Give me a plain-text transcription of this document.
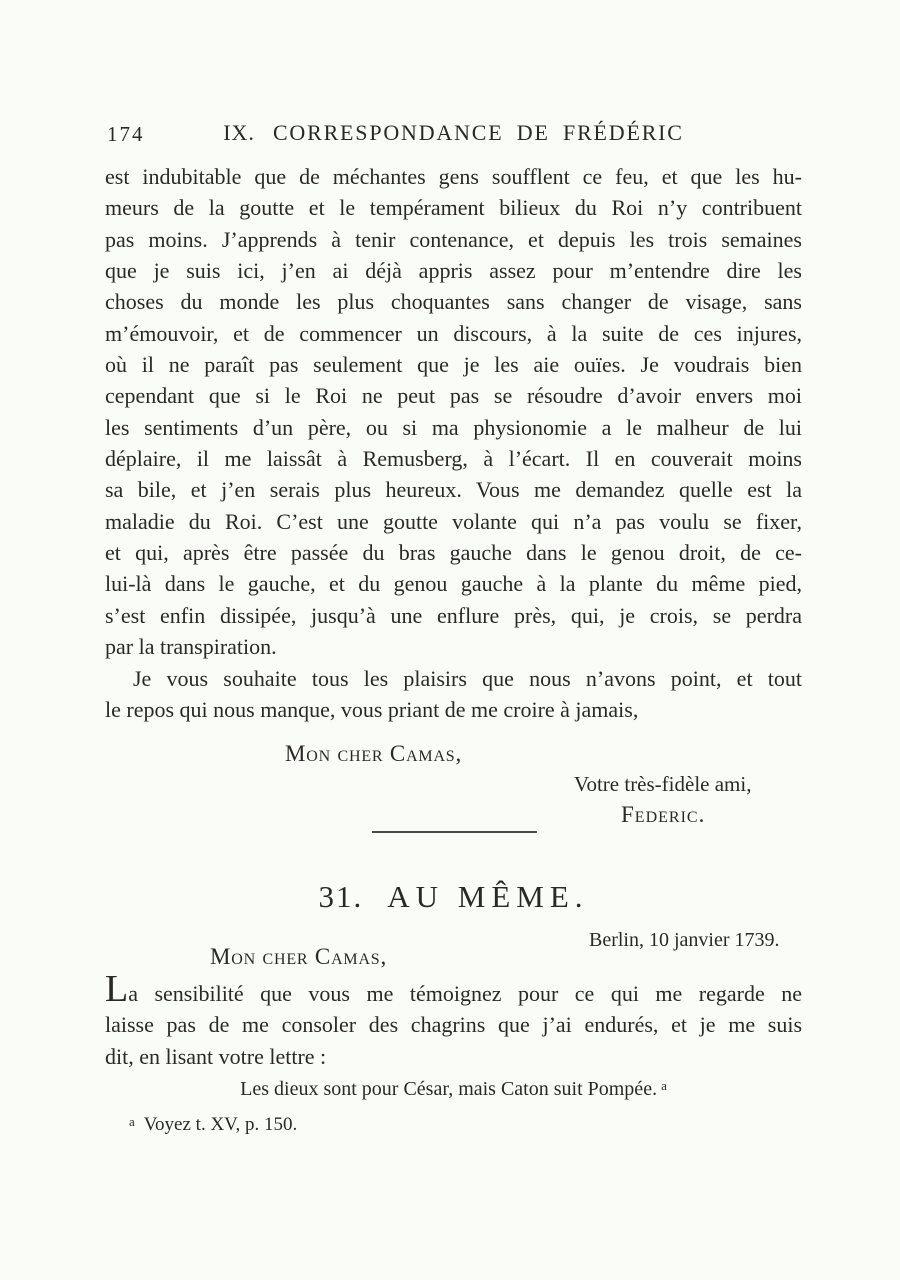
174	IX. CORRESPONDANCE DE FRÉDÉRIC
est indubitable que de méchantes gens soufflent ce feu, et que les hu-
meurs de la goutte et le tempérament bilieux du Roi n’y contribuent
pas moins. J’apprends à tenir contenance, et depuis les trois semaines
que je suis ici, j’en ai déjà appris assez pour m’entendre dire les
choses du monde les plus choquantes sans changer de visage, sans
m’émouvoir, et de commencer un discours, à la suite de ces injures,
où il ne paraît pas seulement que je les aie ouïes. Je voudrais bien
cependant que si le Roi ne peut pas se résoudre d’avoir envers moi
les sentiments d’un père, ou si ma physionomie a le malheur de lui
déplaire, il me laissât à Remusberg, à l’écart. Il en couverait moins
sa bile, et j’en serais plus heureux. Vous me demandez quelle est la
maladie du Roi. C’est une goutte volante qui n’a pas voulu se fixer,
et qui, après être passée du bras gauche dans le genou droit, de ce-
lui-là dans le gauche, et du genou gauche à la plante du même pied,
s’est enfin dissipée, jusqu’à une enflure près, qui, je crois, se perdra
par la transpiration.
Je vous souhaite tous les plaisirs que nous n’avons point, et tout
le repos qui nous manque, vous priant de me croire à jamais,
Mon cher Camas,
Votre très-fidèle ami,
Federic.
31. AU MÊME.
Berlin, 10 janvier 1739.
Mon cher Camas,
La sensibilité que vous me témoignez pour ce qui me regarde ne
laisse pas de me consoler des chagrins que j’ai endurés, et je me suis
dit, en lisant votre lettre :
Les dieux sont pour César, mais Caton suit Pompée. $^a$
$^a$ Voyez t. XV, p. 150.
